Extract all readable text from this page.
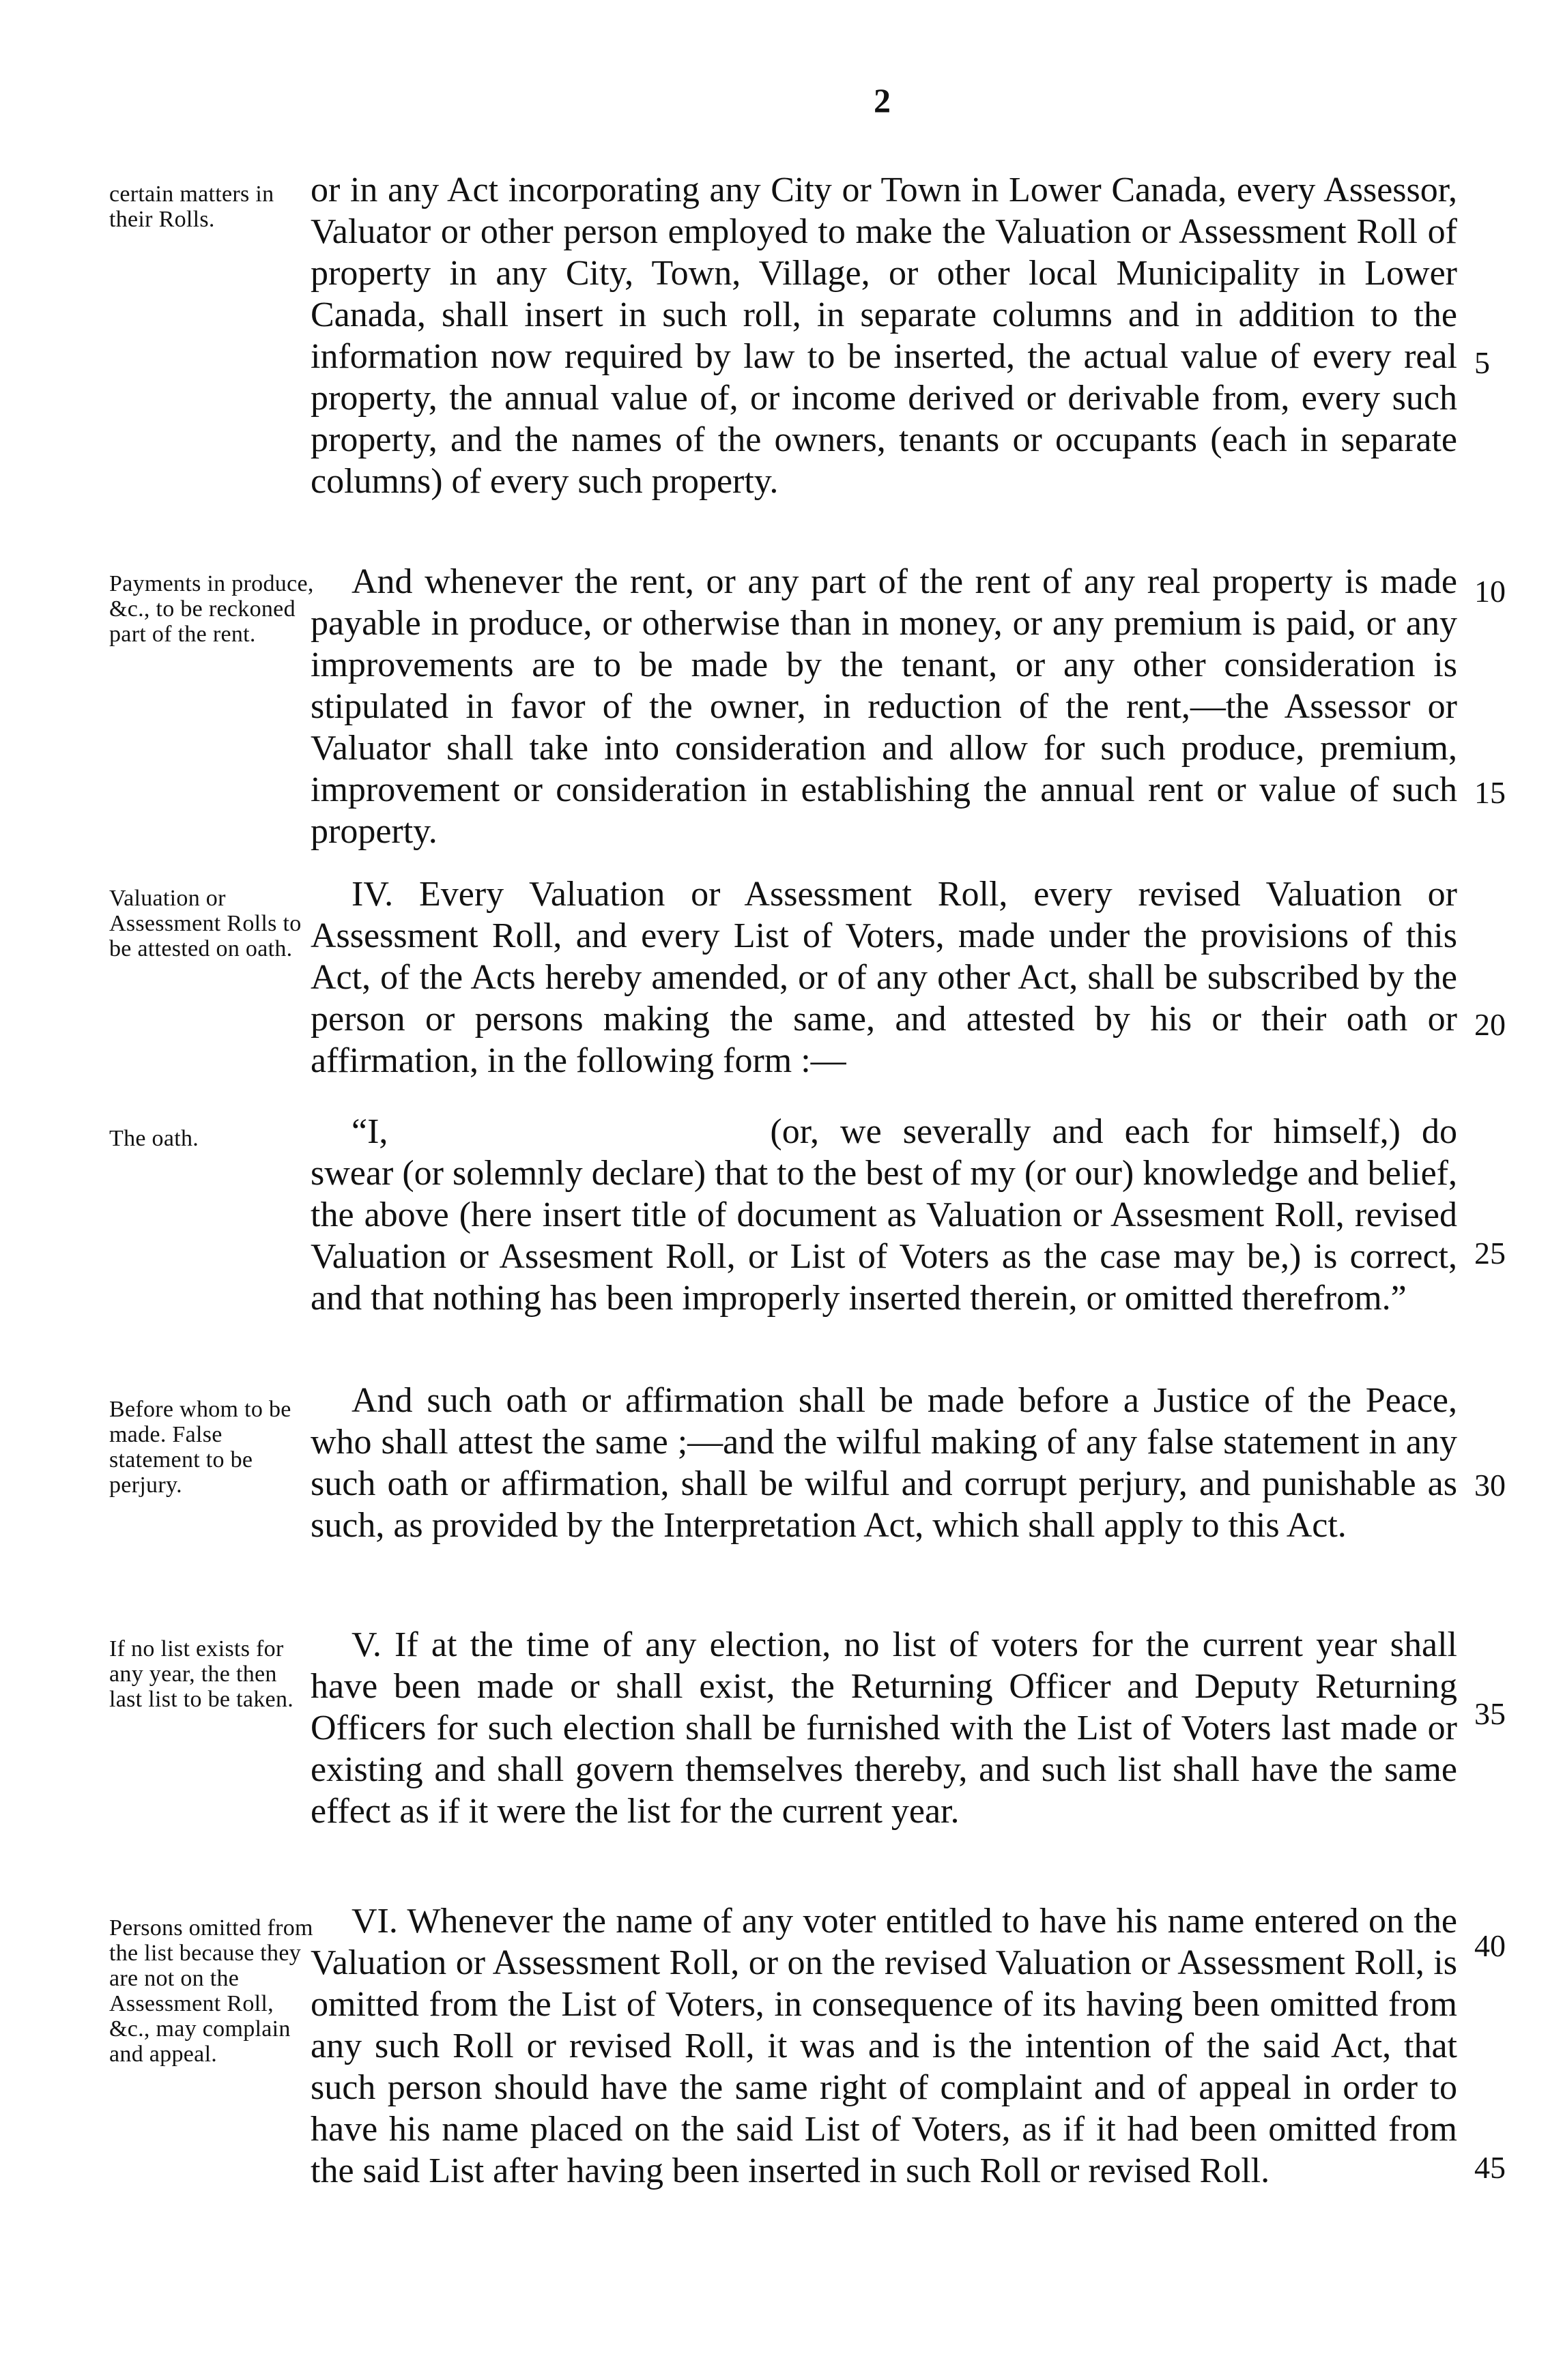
2
certain matters in their Rolls.
or in any Act incorporating any City or Town in Lower Canada, every Assessor, Valuator or other person employed to make the Valuation or Assessment Roll of property in any City, Town, Village, or other local Municipality in Lower Canada, shall insert in such roll, in separate columns and in addition to the information now required by law to be inserted, the actual value of every real property, the annual value of, or income derived or derivable from, every such property, and the names of the owners, tenants or occupants (each in separate columns) of every such property.
Payments in produce, &c., to be reckoned part of the rent.
And whenever the rent, or any part of the rent of any real property is made payable in produce, or otherwise than in money, or any premium is paid, or any improvements are to be made by the tenant, or any other consideration is stipulated in favor of the owner, in reduction of the rent,—the Assessor or Valuator shall take into consideration and allow for such produce, premium, improvement or consideration in establishing the annual rent or value of such property.
Valuation or Assessment Rolls to be attested on oath.
IV. Every Valuation or Assessment Roll, every revised Valuation or Assessment Roll, and every List of Voters, made under the provisions of this Act, of the Acts hereby amended, or of any other Act, shall be subscribed by the person or persons making the same, and attested by his or their oath or affirmation, in the following form :—
The oath.	“I,	(or, we severally and each for himself,) do swear (or solemnly declare) that to the best of my (or our) knowledge and belief, the above (here insert title of document as Valuation or Assesment Roll, revised Valuation or Assesment Roll, or List of Voters as the case may be,) is correct, and that nothing has been improperly inserted therein, or omitted therefrom.”
Before whom to be made. False statement to be perjury.
And such oath or affirmation shall be made before a Justice of the Peace, who shall attest the same ;—and the wilful making of any false statement in any such oath or affirmation, shall be wilful and corrupt perjury, and punishable as such, as provided by the Interpretation Act, which shall apply to this Act.
If no list exists for any year, the then last list to be taken.
V. If at the time of any election, no list of voters for the current year shall have been made or shall exist, the Returning Officer and Deputy Returning Officers for such election shall be furnished with the List of Voters last made or existing and shall govern themselves thereby, and such list shall have the same effect as if it were the list for the current year.
Persons omitted from the list because they are not on the Assessment Roll, &c., may complain and appeal.
VI. Whenever the name of any voter entitled to have his name entered on the Valuation or Assessment Roll, or on the revised Valuation or Assessment Roll, is omitted from the List of Voters, in consequence of its having been omitted from any such Roll or revised Roll, it was and is the intention of the said Act, that such person should have the same right of complaint and of appeal in order to have his name placed on the said List of Voters, as if it had been omitted from the said List after having been inserted in such Roll or revised Roll.
5
10
15
20
25
30
35
40
45
